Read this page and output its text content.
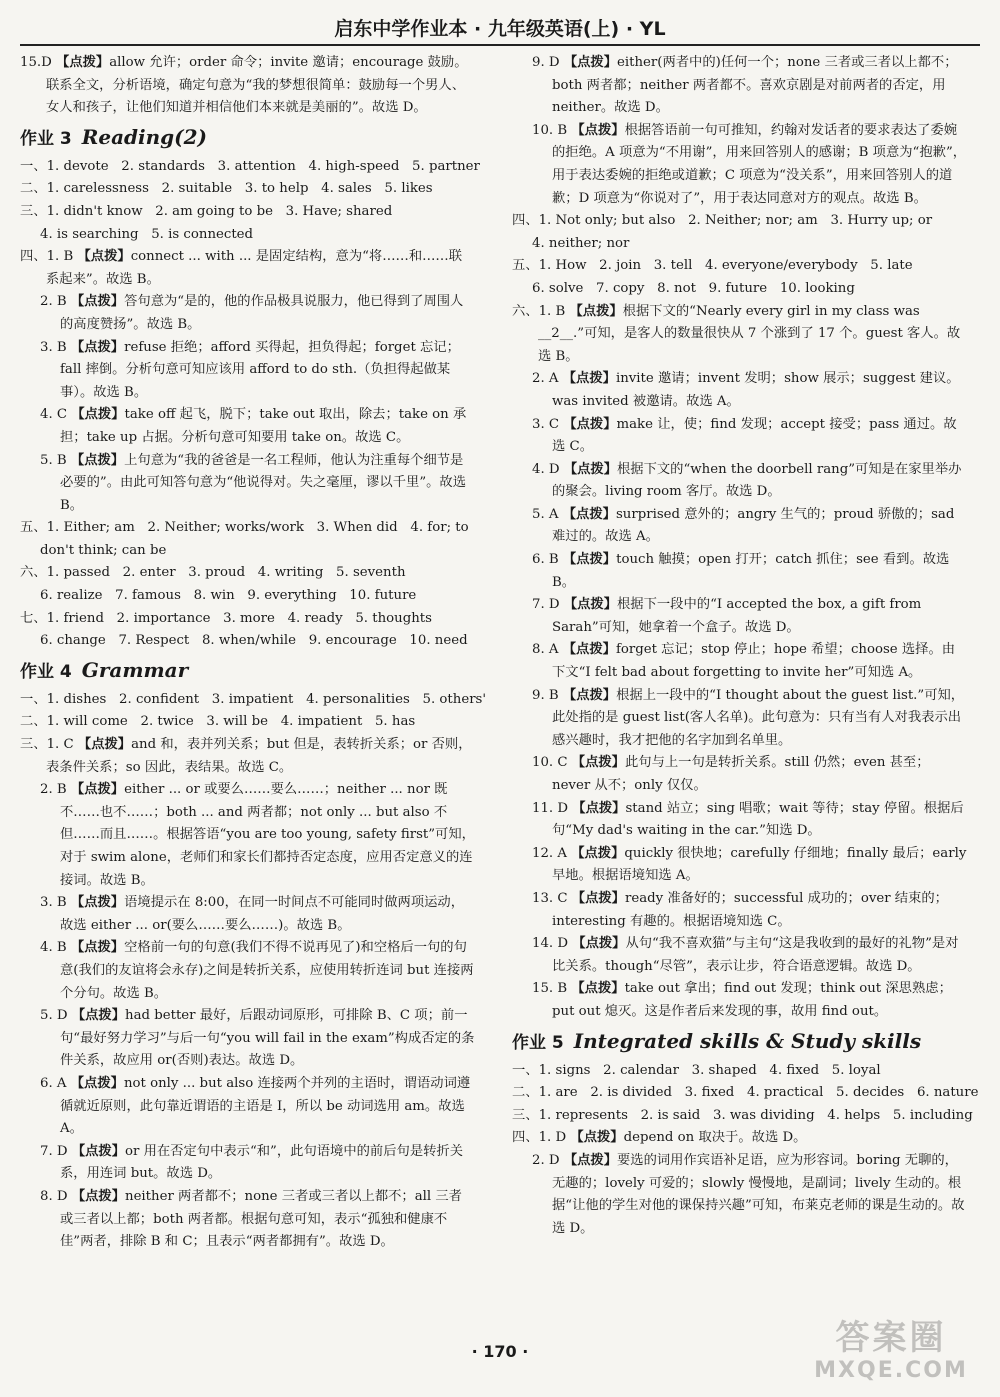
启东中学作业本 · 九年级英语(上) · YL
15.D 【点拨】allow 允许；order 命令；invite 邀请；encourage 鼓励。联系全文，分析语境，确定句意为“我的梦想很简单：鼓励每一个男人、女人和孩子，让他们知道并相信他们本来就是美丽的”。故选 D。
作业 3 Reading(2)
一、1. devote   2. standards   3. attention   4. high-speed   5. partner
二、1. carelessness   2. suitable   3. to help   4. sales   5. likes
三、1. didn't know   2. am going to be   3. Have; shared
4. is searching   5. is connected
四、1. B 【点拨】connect ... with ... 是固定结构，意为“将……和……联系起来”。故选 B。
2. B 【点拨】答句意为“是的，他的作品极具说服力，他已得到了周围人的高度赞扬”。故选 B。
3. B 【点拨】refuse 拒绝；afford 买得起，担负得起；forget 忘记；fall 摔倒。分析句意可知应该用 afford to do sth.（负担得起做某事）。故选 B。
4. C 【点拨】take off 起飞，脱下；take out 取出，除去；take on 承担；take up 占据。分析句意可知要用 take on。故选 C。
5. B 【点拨】上句意为“我的爸爸是一名工程师，他认为注重每个细节是必要的”。由此可知答句意为“他说得对。失之毫厘，谬以千里”。故选 B。
五、1. Either; am   2. Neither; works/work   3. When did   4. for; to
don't think; can be
六、1. passed   2. enter   3. proud   4. writing   5. seventh
6. realize   7. famous   8. win   9. everything   10. future
七、1. friend   2. importance   3. more   4. ready   5. thoughts
6. change   7. Respect   8. when/while   9. encourage   10. need
作业 4 Grammar
一、1. dishes   2. confident   3. impatient   4. personalities   5. others'
二、1. will come   2. twice   3. will be   4. impatient   5. has
三、1. C 【点拨】and 和，表并列关系；but 但是，表转折关系；or 否则，表条件关系；so 因此，表结果。故选 C。
2. B 【点拨】either ... or 或要么……要么……；neither ... nor 既不……也不……；both ... and 两者都；not only ... but also 不但……而且……。根据答语“you are too young, safety first”可知，对于 swim alone，老师们和家长们都持否定态度，应用否定意义的连接词。故选 B。
3. B 【点拨】语境提示在 8:00，在同一时间点不可能同时做两项运动，故选 either ... or(要么……要么……)。故选 B。
4. B 【点拨】空格前一句的句意(我们不得不说再见了)和空格后一句的句意(我们的友谊将会永存)之间是转折关系，应使用转折连词 but 连接两个分句。故选 B。
5. D 【点拨】had better 最好，后跟动词原形，可排除 B、C 项；前一句“最好努力学习”与后一句“you will fail in the exam”构成否定的条件关系，故应用 or(否则)表达。故选 D。
6. A 【点拨】not only ... but also 连接两个并列的主语时，谓语动词遵循就近原则，此句靠近谓语的主语是 I，所以 be 动词选用 am。故选 A。
7. D 【点拨】or 用在否定句中表示“和”，此句语境中的前后句是转折关系，用连词 but。故选 D。
8. D 【点拨】neither 两者都不；none 三者或三者以上都不；all 三者或三者以上都；both 两者都。根据句意可知，表示“孤独和健康不佳”两者，排除 B 和 C；且表示“两者都拥有”。故选 D。
9. D 【点拨】either(两者中的)任何一个；none 三者或三者以上都不；both 两者都；neither 两者都不。喜欢京剧是对前两者的否定，用 neither。故选 D。
10. B 【点拨】根据答语前一句可推知，约翰对发话者的要求表达了委婉的拒绝。A 项意为“不用谢”，用来回答别人的感谢；B 项意为“抱歉”，用于表达委婉的拒绝或道歉；C 项意为“没关系”，用来回答别人的道歉；D 项意为“你说对了”，用于表达同意对方的观点。故选 B。
四、1. Not only; but also   2. Neither; nor; am   3. Hurry up; or
4. neither; nor
五、1. How   2. join   3. tell   4. everyone/everybody   5. late
6. solve   7. copy   8. not   9. future   10. looking
六、1. B 【点拨】根据下文的“Nearly every girl in my class was __2__.”可知，是客人的数量很快从 7 个涨到了 17 个。guest 客人。故选 B。
2. A 【点拨】invite 邀请；invent 发明；show 展示；suggest 建议。was invited 被邀请。故选 A。
3. C 【点拨】make 让，使；find 发现；accept 接受；pass 通过。故选 C。
4. D 【点拨】根据下文的“when the doorbell rang”可知是在家里举办的聚会。living room 客厅。故选 D。
5. A 【点拨】surprised 意外的；angry 生气的；proud 骄傲的；sad 难过的。故选 A。
6. B 【点拨】touch 触摸；open 打开；catch 抓住；see 看到。故选 B。
7. D 【点拨】根据下一段中的“I accepted the box, a gift from Sarah”可知，她拿着一个盒子。故选 D。
8. A 【点拨】forget 忘记；stop 停止；hope 希望；choose 选择。由下文“I felt bad about forgetting to invite her”可知选 A。
9. B 【点拨】根据上一段中的“I thought about the guest list.”可知，此处指的是 guest list(客人名单)。此句意为：只有当有人对我表示出感兴趣时，我才把他的名字加到名单里。
10. C 【点拨】此句与上一句是转折关系。still 仍然；even 甚至；never 从不；only 仅仅。
11. D 【点拨】stand 站立；sing 唱歌；wait 等待；stay 停留。根据后句“My dad's waiting in the car.”知选 D。
12. A 【点拨】quickly 很快地；carefully 仔细地；finally 最后；early 早地。根据语境知选 A。
13. C 【点拨】ready 准备好的；successful 成功的；over 结束的；interesting 有趣的。根据语境知选 C。
14. D 【点拨】从句“我不喜欢猫”与主句“这是我收到的最好的礼物”是对比关系。though“尽管”，表示让步，符合语意逻辑。故选 D。
15. B 【点拨】take out 拿出；find out 发现；think out 深思熟虑；put out 熄灭。这是作者后来发现的事，故用 find out。
作业 5 Integrated skills & Study skills
一、1. signs   2. calendar   3. shaped   4. fixed   5. loyal
二、1. are   2. is divided   3. fixed   4. practical   5. decides   6. nature
三、1. represents   2. is said   3. was dividing   4. helps   5. including
四、1. D 【点拨】depend on 取决于。故选 D。
2. D 【点拨】要选的词用作宾语补足语，应为形容词。boring 无聊的，无趣的；lovely 可爱的；slowly 慢慢地，是副词；lively 生动的。根据“让他的学生对他的课保持兴趣”可知，布莱克老师的课是生动的。故选 D。
· 170 ·	答案圈
MXQE.COM
